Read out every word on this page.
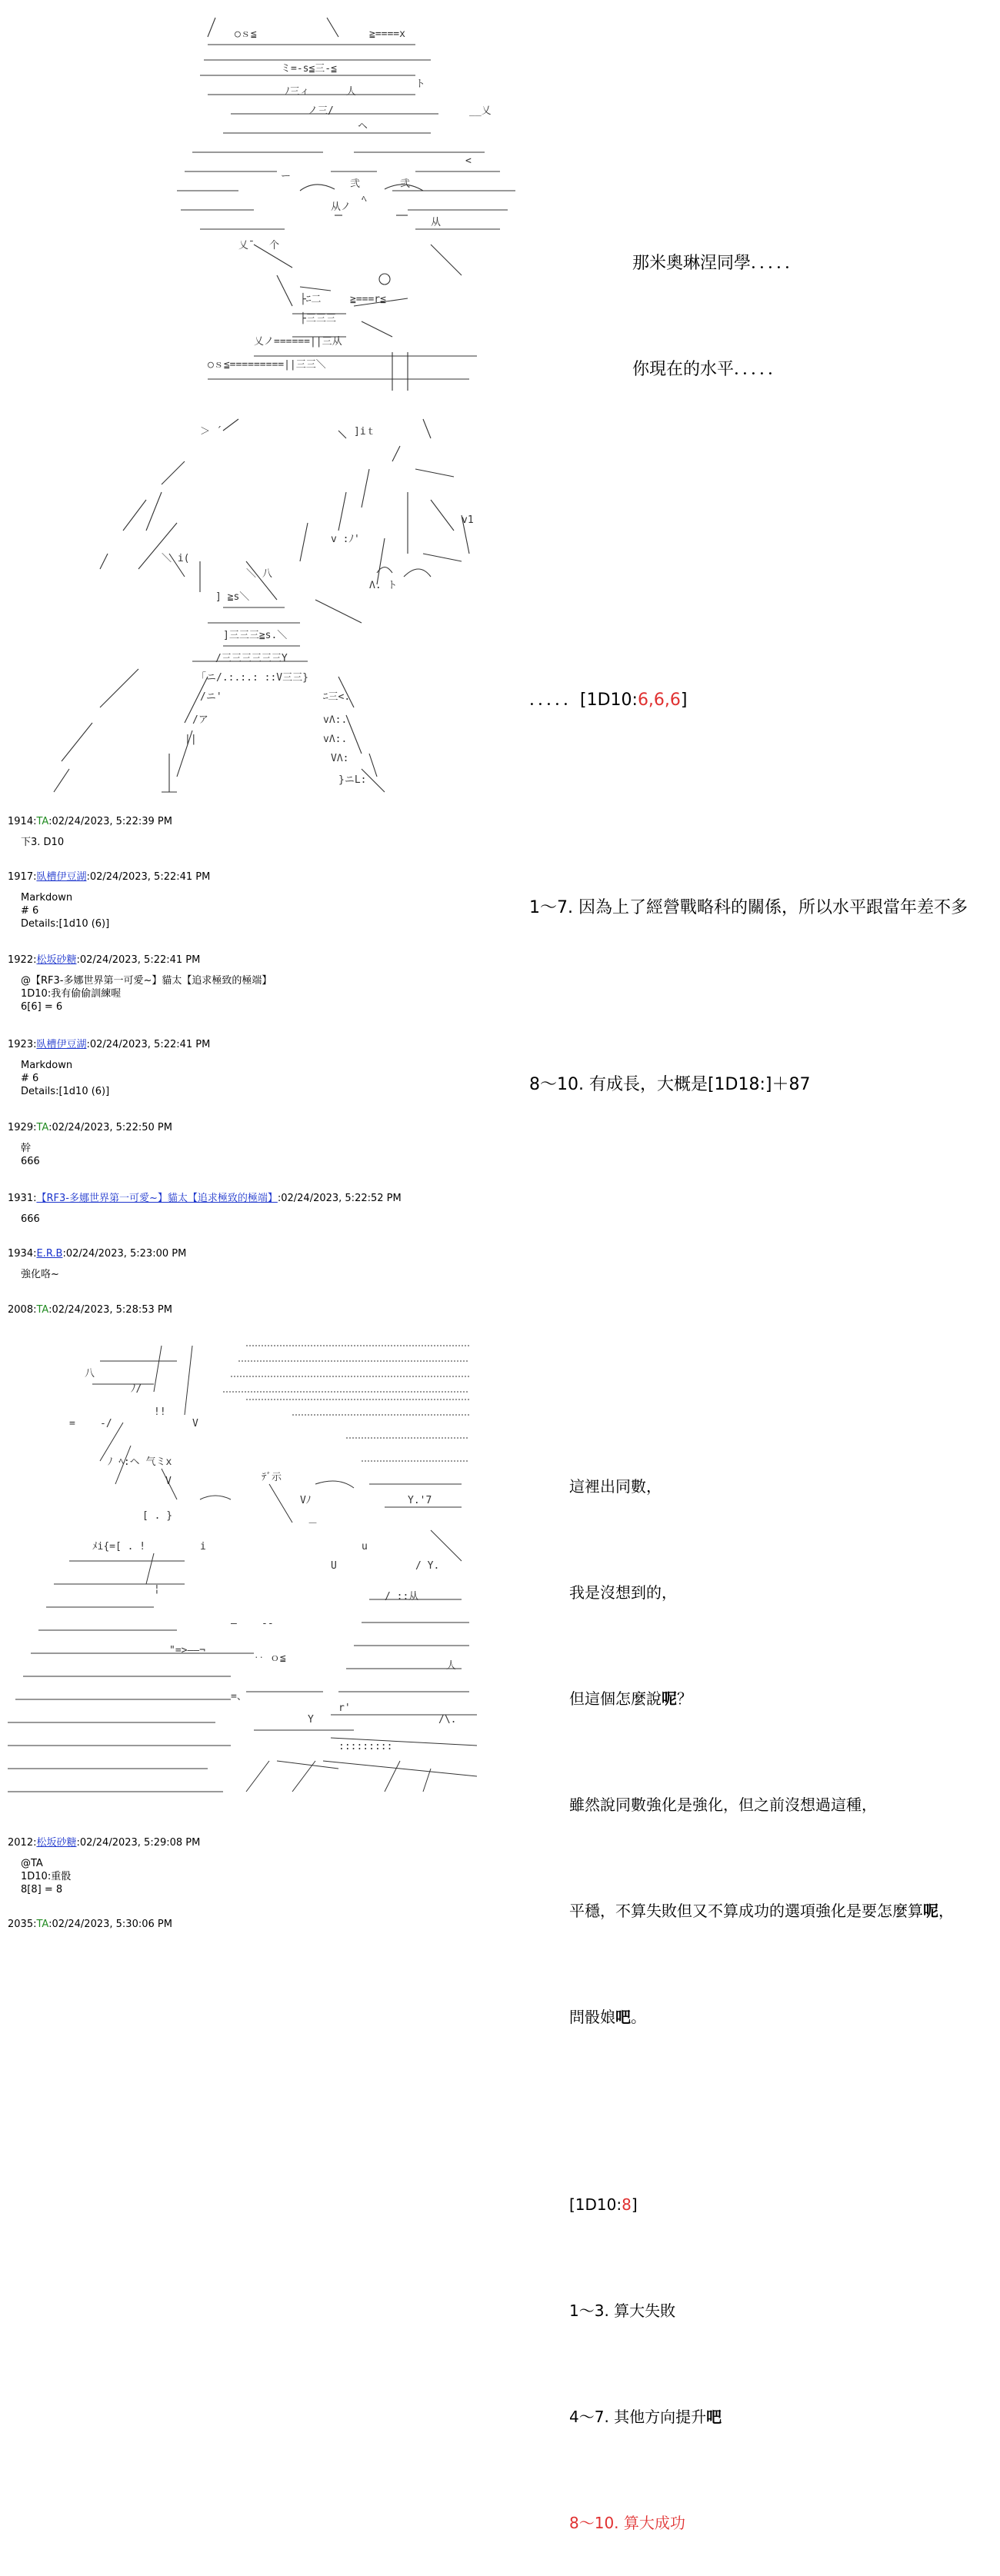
○ｓ≦	≧====x
ミ=-s≦三-≦
ト
ﾉ三ィ	人
ノ三/	__乂
ヘ
<
ー
弐	弐
ﾍ
从ノ
从
乂¯ 个
├ﾆ二	≧===r≦
├三三三
乂ノ======||三从
○ｓ≦=========||三三＼

那米奧琳涅同學．．．．．

你現在的水平．．．．．

＞ ´	]iｔ
＼ i(
＼ 八
] ≧s＼
Λ. ト
v :ﾉ'
v1
]三三三≧s.＼
/三三三三三三Y
「ニ/.:.:.: ::V三三}
/ニ'	ﾆ三<.
/ア	vΛ:.
||	vΛ:.
VΛ:
}ニL:

．．．．．[1D10:6,6,6]

1～7. 因為上了經營戰略科的關係，所以水平跟當年差不多

8～10. 有成長，大概是[1D18:]＋87

1914:TA:02/24/2023, 5:22:39 PM
下3. D10
1917:臥槽伊豆湖:02/24/2023, 5:22:41 PM
Markdown
# 6
Details:[1d10 (6)]
1922:松坂砂糖:02/24/2023, 5:22:41 PM
@【RF3-多娜世界第一可愛~】貓太【追求極致的極端】
1D10:我有偷偷訓練喔
6[6] = 6
1923:臥槽伊豆湖:02/24/2023, 5:22:41 PM
Markdown
# 6
Details:[1d10 (6)]
1929:TA:02/24/2023, 5:22:50 PM
幹
666
1931:【RF3-多娜世界第一可愛~】貓太【追求極致的極端】:02/24/2023, 5:22:52 PM
666
1934:E.R.B:02/24/2023, 5:23:00 PM
強化咯~
2008:TA:02/24/2023, 5:28:53 PM

八
ﾉ/
!!
= -/	V
ﾉ ﾍ:ヘ 气ミx
V	ﾃﾞ示
Vﾉ	Y.'7
[ . }
－
ﾒi{=[ . !	i	u
U	/ Y.
¦
/ ::从
— --
"=>——¬
‥ ｏ≦
人
=、
r'
/\.
Y
:::::::::

這裡出同數，

我是沒想到的，

但這個怎麼說呢？

雖然說同數強化是強化，但之前沒想過這種，

平穩，不算失敗但又不算成功的選項強化是要怎麼算呢，

問骰娘吧。

[1D10:8]

1～3. 算大失敗

4～7. 其他方向提升吧

8～10. 算大成功

2012:松坂砂糖:02/24/2023, 5:29:08 PM
@TA
1D10:重骰
8[8] = 8
2035:TA:02/24/2023, 5:30:06 PM
